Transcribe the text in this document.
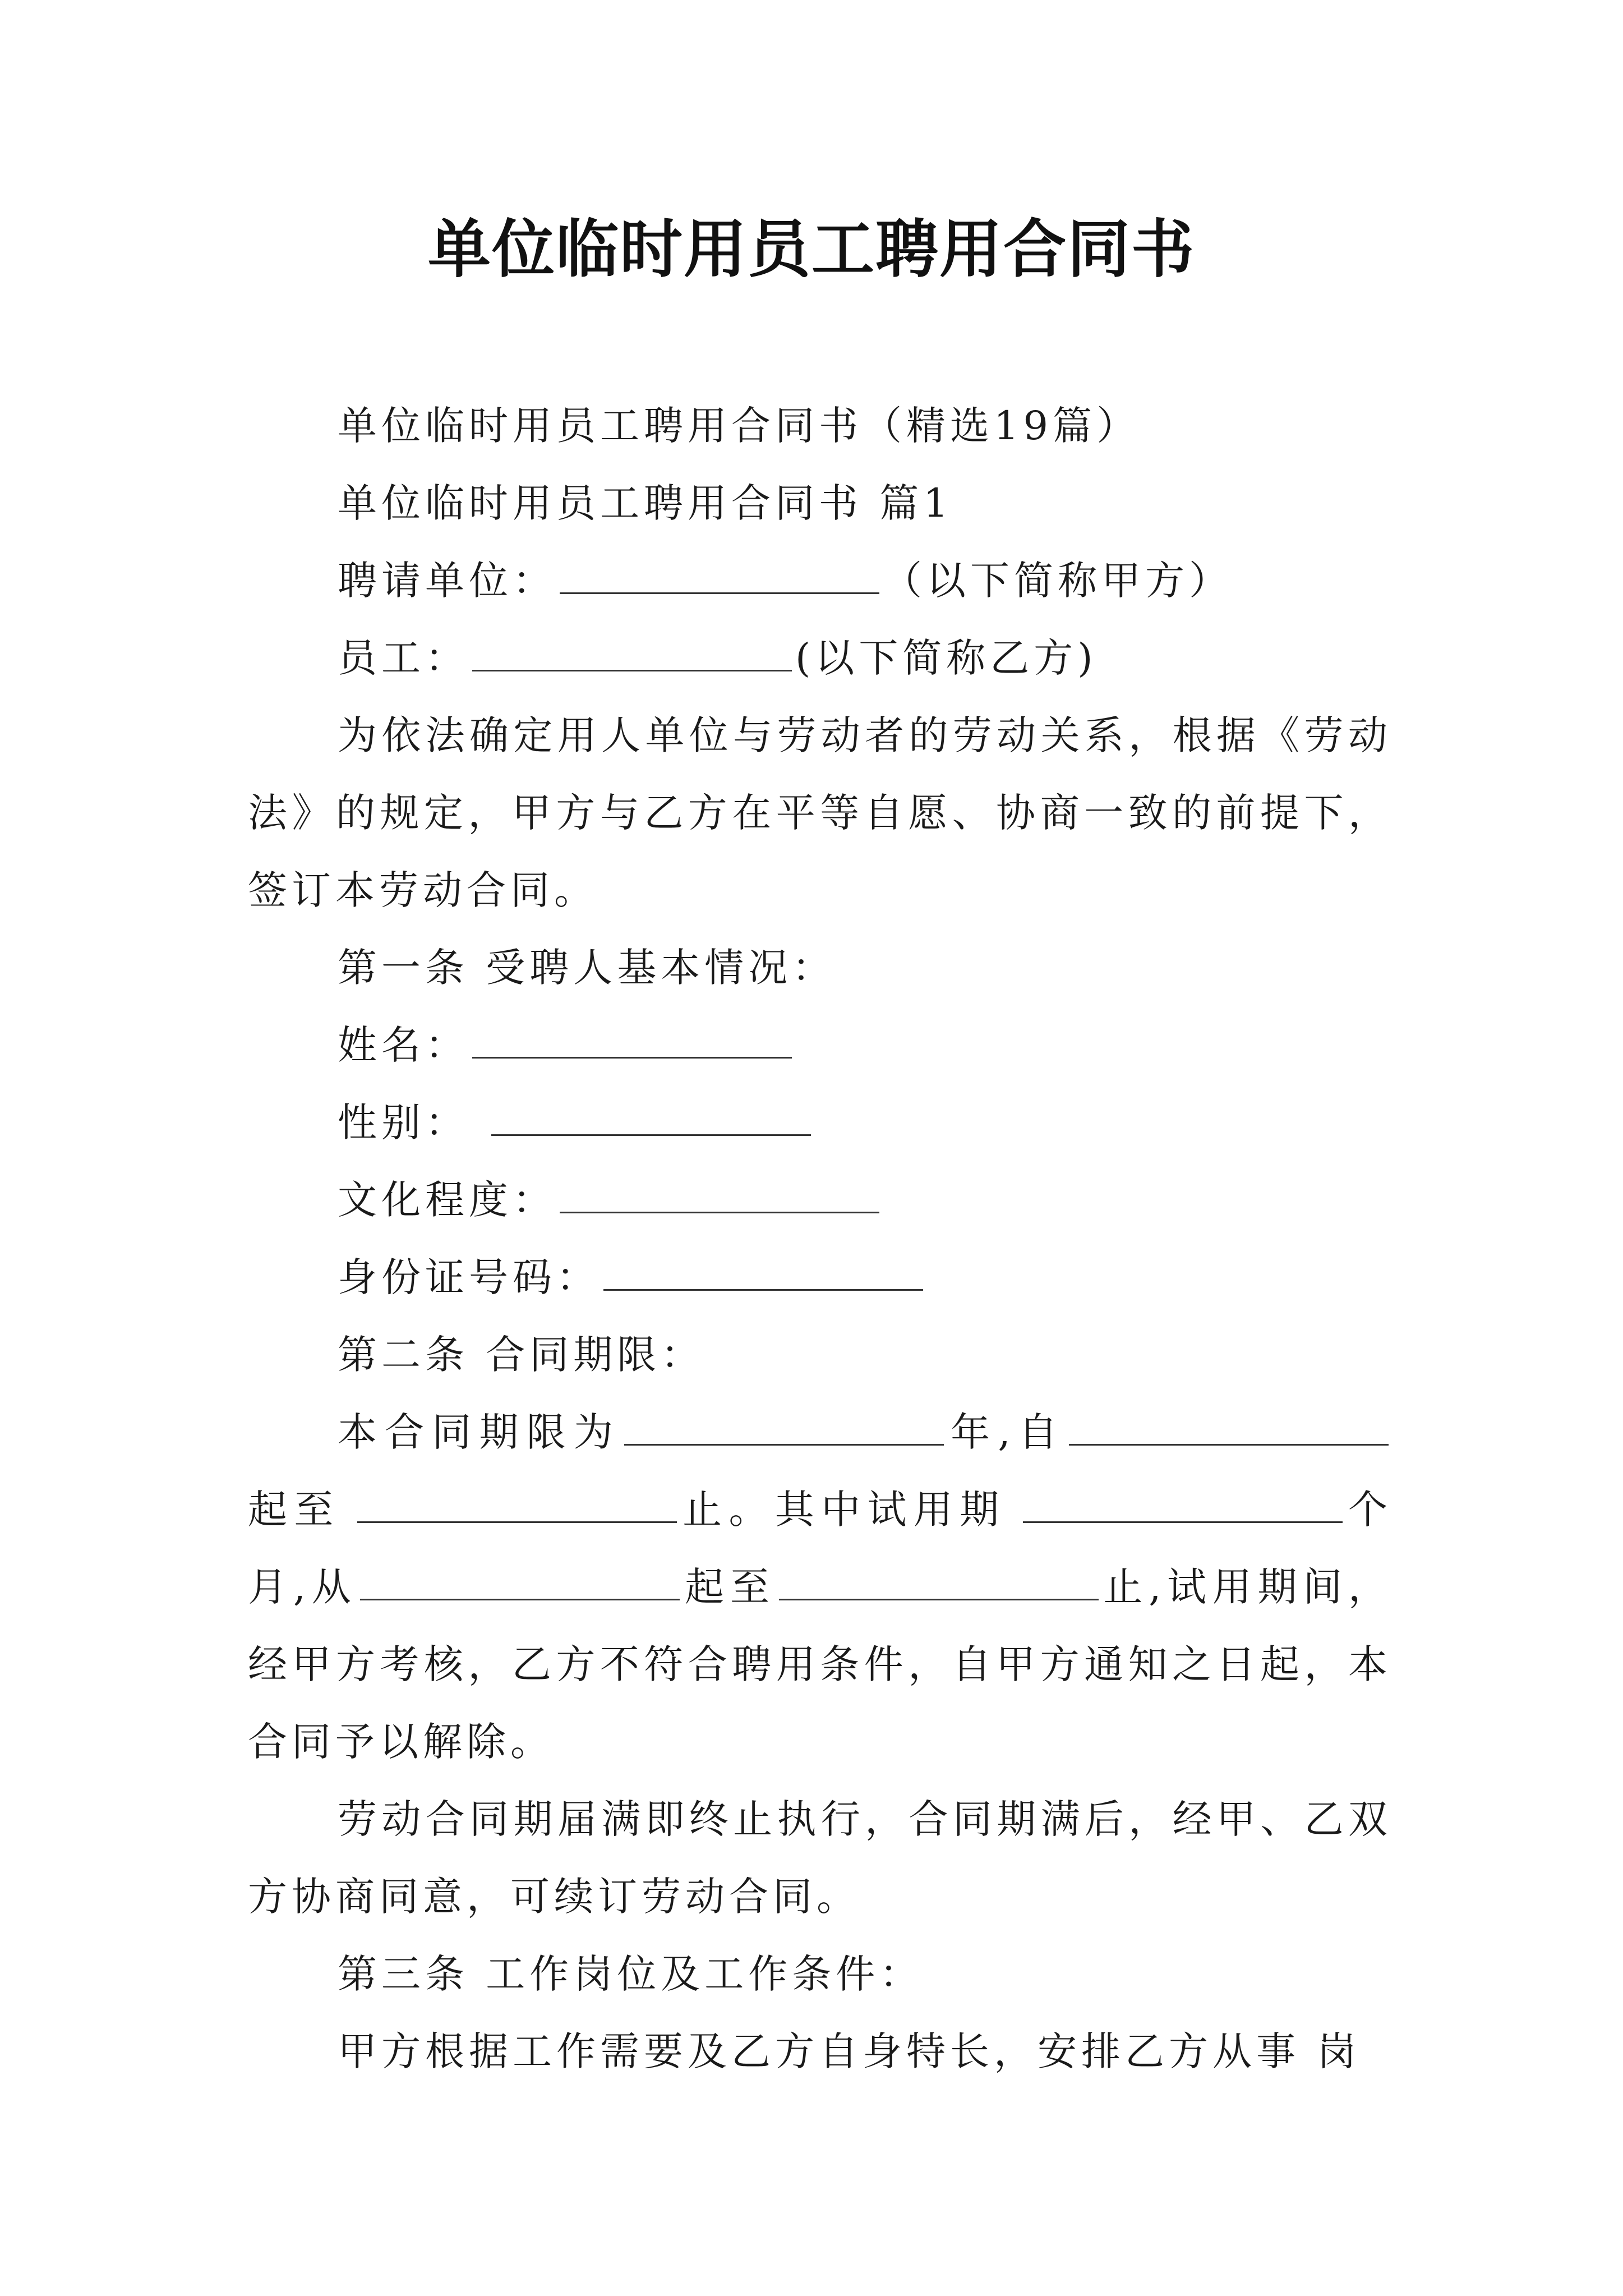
单位临时用员工聘用合同书

单位临时用员工聘用合同书（精选19篇）

单位临时用员工聘用合同书 篇1

聘请单位：	（以下简称甲方）

员工：	(以下简称乙方)

为依法确定用人单位与劳动者的劳动关系，根据《劳动法》的规定，甲方与乙方在平等自愿、协商一致的前提下，签订本劳动合同。

第一条 受聘人基本情况：

姓名：

性别：

文化程度：

身份证号码：

第二条 合同期限：

本合同期限为	年,自起至	止。其中试用期	个月,从	起至	止,试用期间，经甲方考核，乙方不符合聘用条件，自甲方通知之日起，本合同予以解除。

劳动合同期届满即终止执行，合同期满后，经甲、乙双方协商同意，可续订劳动合同。

第三条 工作岗位及工作条件：

甲方根据工作需要及乙方自身特长，安排乙方从事 岗
